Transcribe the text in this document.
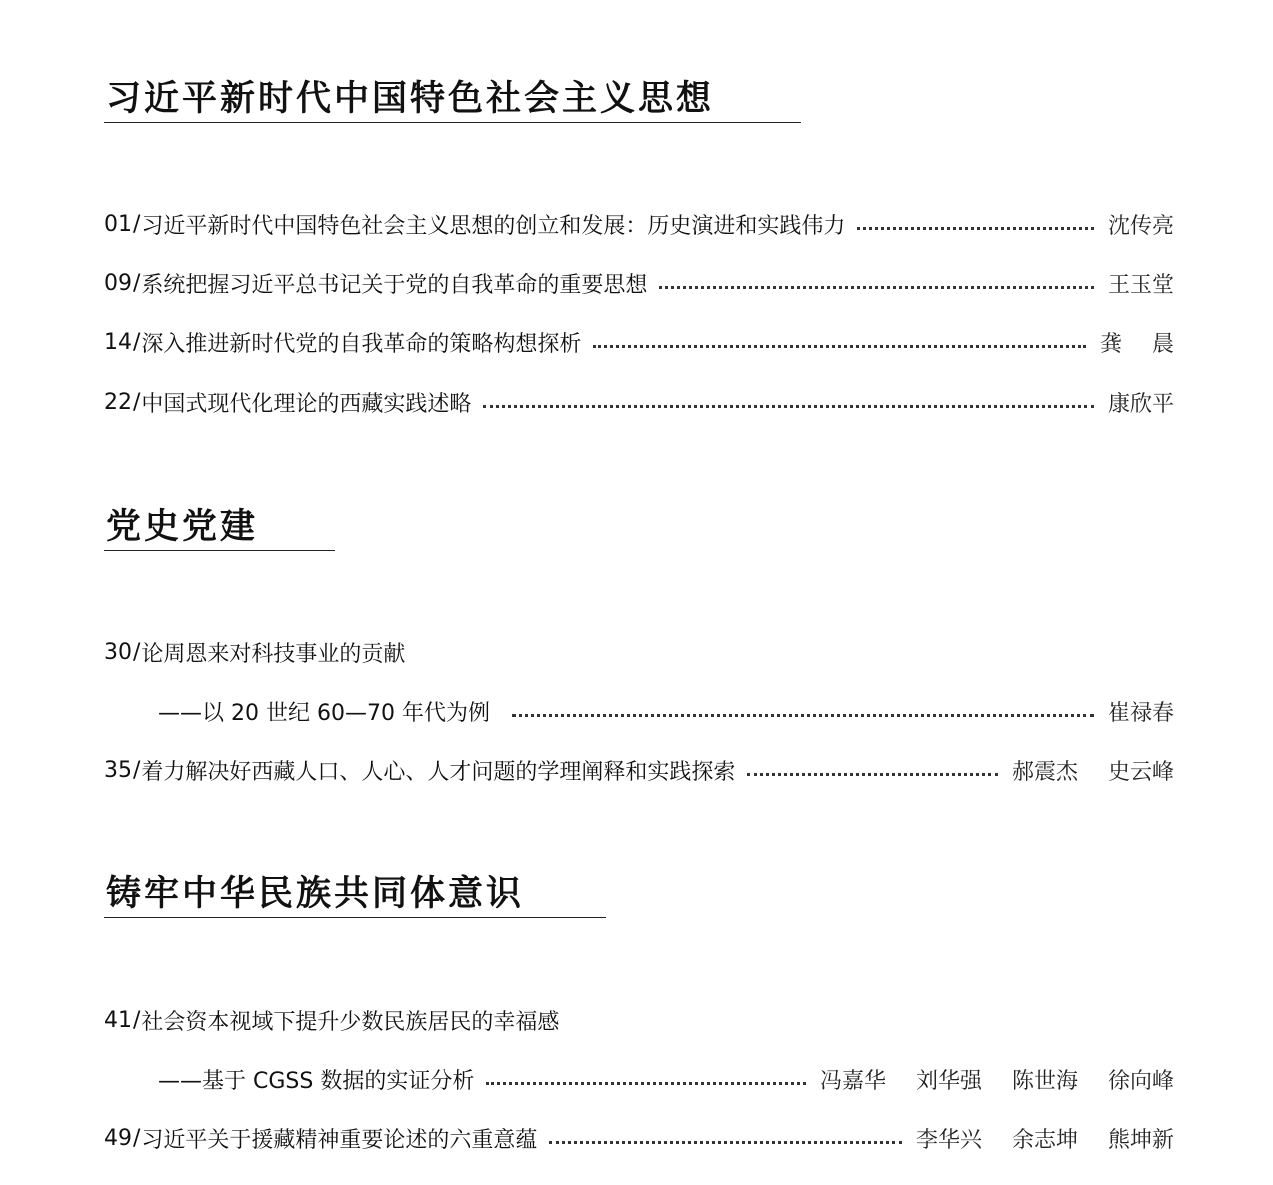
习近平新时代中国特色社会主义思想
01 / 习近平新时代中国特色社会主义思想的创立和发展：历史演进和实践伟力	沈传亮
09 / 系统把握习近平总书记关于党的自我革命的重要思想	王玉堂
14 / 深入推进新时代党的自我革命的策略构想探析	龚晨
22 / 中国式现代化理论的西藏实践述略	康欣平
党史党建
30 / 论周恩来对科技事业的贡献
——以 20 世纪 60—70 年代为例	崔禄春
35 / 着力解决好西藏人口、人心、人才问题的学理阐释和实践探索	郝震杰 史云峰
铸牢中华民族共同体意识
41 / 社会资本视域下提升少数民族居民的幸福感
——基于 CGSS 数据的实证分析	冯嘉华 刘华强 陈世海 徐向峰
49 / 习近平关于援藏精神重要论述的六重意蕴	李华兴 余志坤 熊坤新
